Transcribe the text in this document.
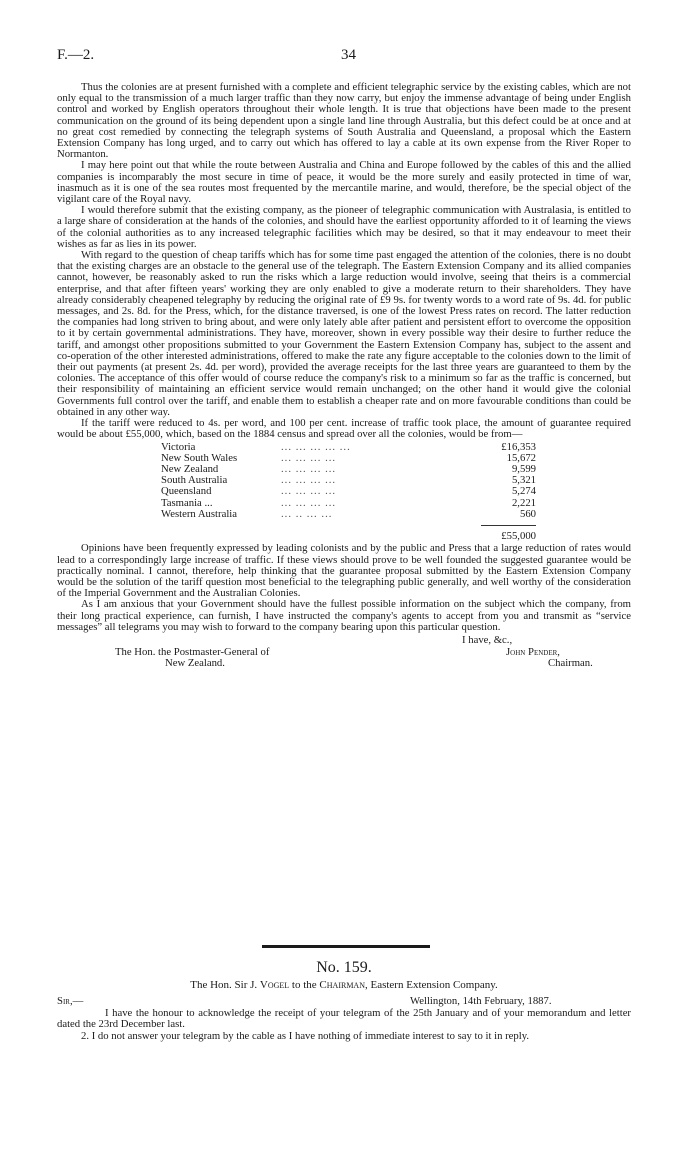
F.—2.	34

Thus the colonies are at present furnished with a complete and efficient telegraphic service by the existing cables, which are not only equal to the transmission of a much larger traffic than they now carry, but enjoy the immense advantage of being under English control and worked by English operators throughout their whole length. It is true that objections have been made to the present communication on the ground of its being dependent upon a single land line through Australia, but this defect could be at once and at no great cost remedied by connecting the telegraph systems of South Australia and Queensland, a proposal which the Eastern Extension Company has long urged, and to carry out which has offered to lay a cable at its own expense from the River Roper to Normanton.

I may here point out that while the route between Australia and China and Europe followed by the cables of this and the allied companies is incomparably the most secure in time of peace, it would be the more surely and easily protected in time of war, inasmuch as it is one of the sea routes most frequented by the mercantile marine, and would, therefore, be the special object of the vigilant care of the Royal navy.

I would therefore submit that the existing company, as the pioneer of telegraphic communication with Australasia, is entitled to a large share of consideration at the hands of the colonies, and should have the earliest opportunity afforded to it of learning the views of the colonial authorities as to any increased telegraphic facilities which may be desired, so that it may endeavour to meet their wishes as far as lies in its power.

With regard to the question of cheap tariffs which has for some time past engaged the attention of the colonies, there is no doubt that the existing charges are an obstacle to the general use of the telegraph. The Eastern Extension Company and its allied companies cannot, however, be reasonably asked to run the risks which a large reduction would involve, seeing that theirs is a commercial enterprise, and that after fifteen years' working they are only enabled to give a moderate return to their shareholders. They have already considerably cheapened telegraphy by reducing the original rate of £9 9s. for twenty words to a word rate of 9s. 4d. for public messages, and 2s. 8d. for the Press, which, for the distance traversed, is one of the lowest Press rates on record. The latter reduction the companies had long striven to bring about, and were only lately able after patient and persistent effort to overcome the opposition to it by certain governmental administrations. They have, moreover, shown in every possible way their desire to further reduce the tariff, and amongst other propositions submitted to your Government the Eastern Extension Company has, subject to the assent and co-operation of the other interested administrations, offered to make the rate any figure acceptable to the colonies down to the limit of their out payments (at present 2s. 4d. per word), provided the average receipts for the last three years are guaranteed to them by the colonies. The acceptance of this offer would of course reduce the company's risk to a minimum so far as the traffic is concerned, but their responsibility of maintaining an efficient service would remain unchanged; on the other hand it would give the colonial Governments full control over the tariff, and enable them to establish a cheaper rate and on more favourable conditions than could be obtained in any other way.

If the tariff were reduced to 4s. per word, and 100 per cent. increase of traffic took place, the amount of guarantee required would be about £55,000, which, based on the 1884 census and spread over all the colonies, would be from—

Victoria	... ... ... ... ...	£16,353
New South Wales	... ... ... ...	15,672
New Zealand	... ... ... ...	9,599
South Australia	... ... ... ...	5,321
Queensland	... ... ... ...	5,274
Tasmania ...	... ... ... ...	2,221
Western Australia	... .. ... ...	560
£55,000

Opinions have been frequently expressed by leading colonists and by the public and Press that a large reduction of rates would lead to a correspondingly large increase of traffic. If these views should prove to be well founded the suggested guarantee would be practically nominal. I cannot, therefore, help thinking that the guarantee proposal submitted by the Eastern Extension Company would be the solution of the tariff question most beneficial to the telegraphing public generally, and well worthy of the consideration of the Imperial Government and the Australian Colonies.

As I am anxious that your Government should have the fullest possible information on the subject which the company, from their long practical experience, can furnish, I have instructed the company's agents to accept from you and transmit as “service messages” all telegrams you may wish to forward to the company bearing upon this particular question.

I have, &c.,
The Hon. the Postmaster-General of	John Pender,
New Zealand.	Chairman.
No. 159.
The Hon. Sir J. Vogel to the Chairman, Eastern Extension Company.
Sir,—	Wellington, 14th February, 1887.

I have the honour to acknowledge the receipt of your telegram of the 25th January and of your memorandum and letter dated the 23rd December last.

2. I do not answer your telegram by the cable as I have nothing of immediate interest to say to it in reply.
